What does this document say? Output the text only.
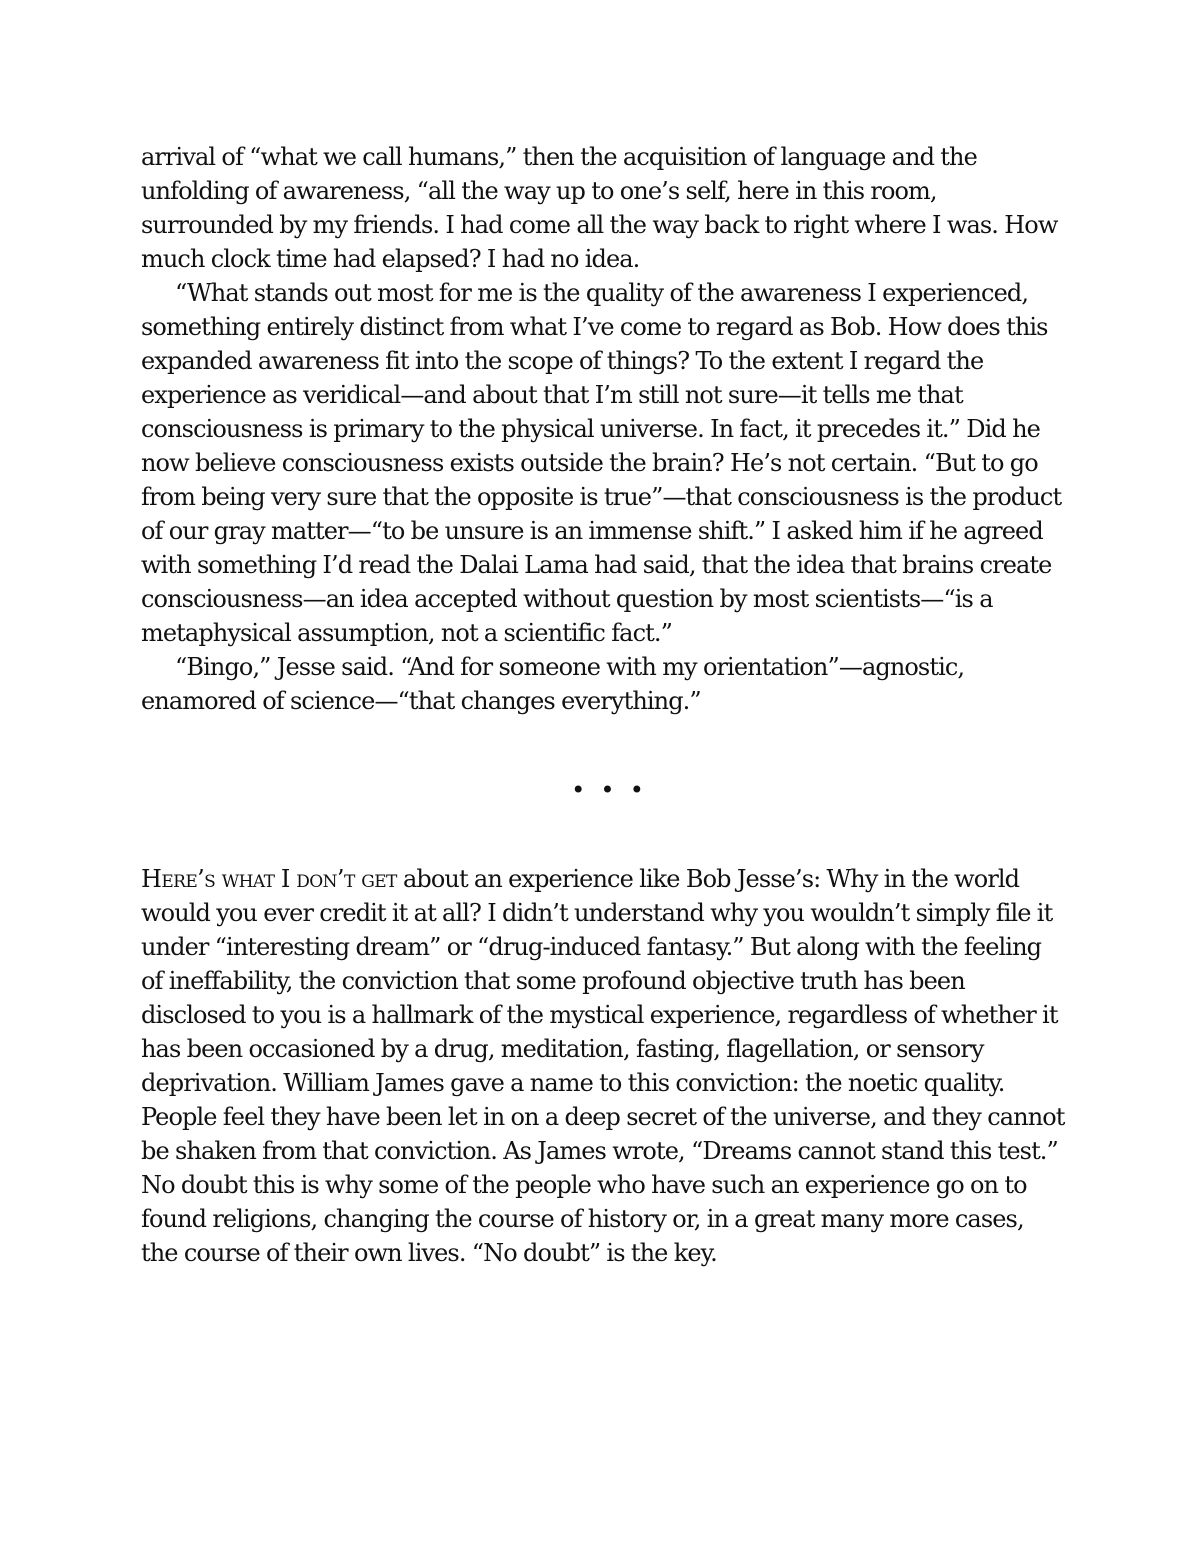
arrival of “what we call humans,” then the acquisition of language and the unfolding of awareness, “all the way up to one’s self, here in this room, surrounded by my friends. I had come all the way back to right where I was. How much clock time had elapsed? I had no idea.

“What stands out most for me is the quality of the awareness I experienced, something entirely distinct from what I’ve come to regard as Bob. How does this expanded awareness fit into the scope of things? To the extent I regard the experience as veridical—and about that I’m still not sure—it tells me that consciousness is primary to the physical universe. In fact, it precedes it.” Did he now believe consciousness exists outside the brain? He’s not certain. “But to go from being very sure that the opposite is true”—that consciousness is the product of our gray matter—“to be unsure is an immense shift.” I asked him if he agreed with something I’d read the Dalai Lama had said, that the idea that brains create consciousness—an idea accepted without question by most scientists—“is a metaphysical assumption, not a scientific fact.”

“Bingo,” Jesse said. “And for someone with my orientation”—agnostic, enamored of science—“that changes everything.”

• • •

Here’s what I don’t get about an experience like Bob Jesse’s: Why in the world would you ever credit it at all? I didn’t understand why you wouldn’t simply file it under “interesting dream” or “drug-induced fantasy.” But along with the feeling of ineffability, the conviction that some profound objective truth has been disclosed to you is a hallmark of the mystical experience, regardless of whether it has been occasioned by a drug, meditation, fasting, flagellation, or sensory deprivation. William James gave a name to this conviction: the noetic quality. People feel they have been let in on a deep secret of the universe, and they cannot be shaken from that conviction. As James wrote, “Dreams cannot stand this test.” No doubt this is why some of the people who have such an experience go on to found religions, changing the course of history or, in a great many more cases, the course of their own lives. “No doubt” is the key.
